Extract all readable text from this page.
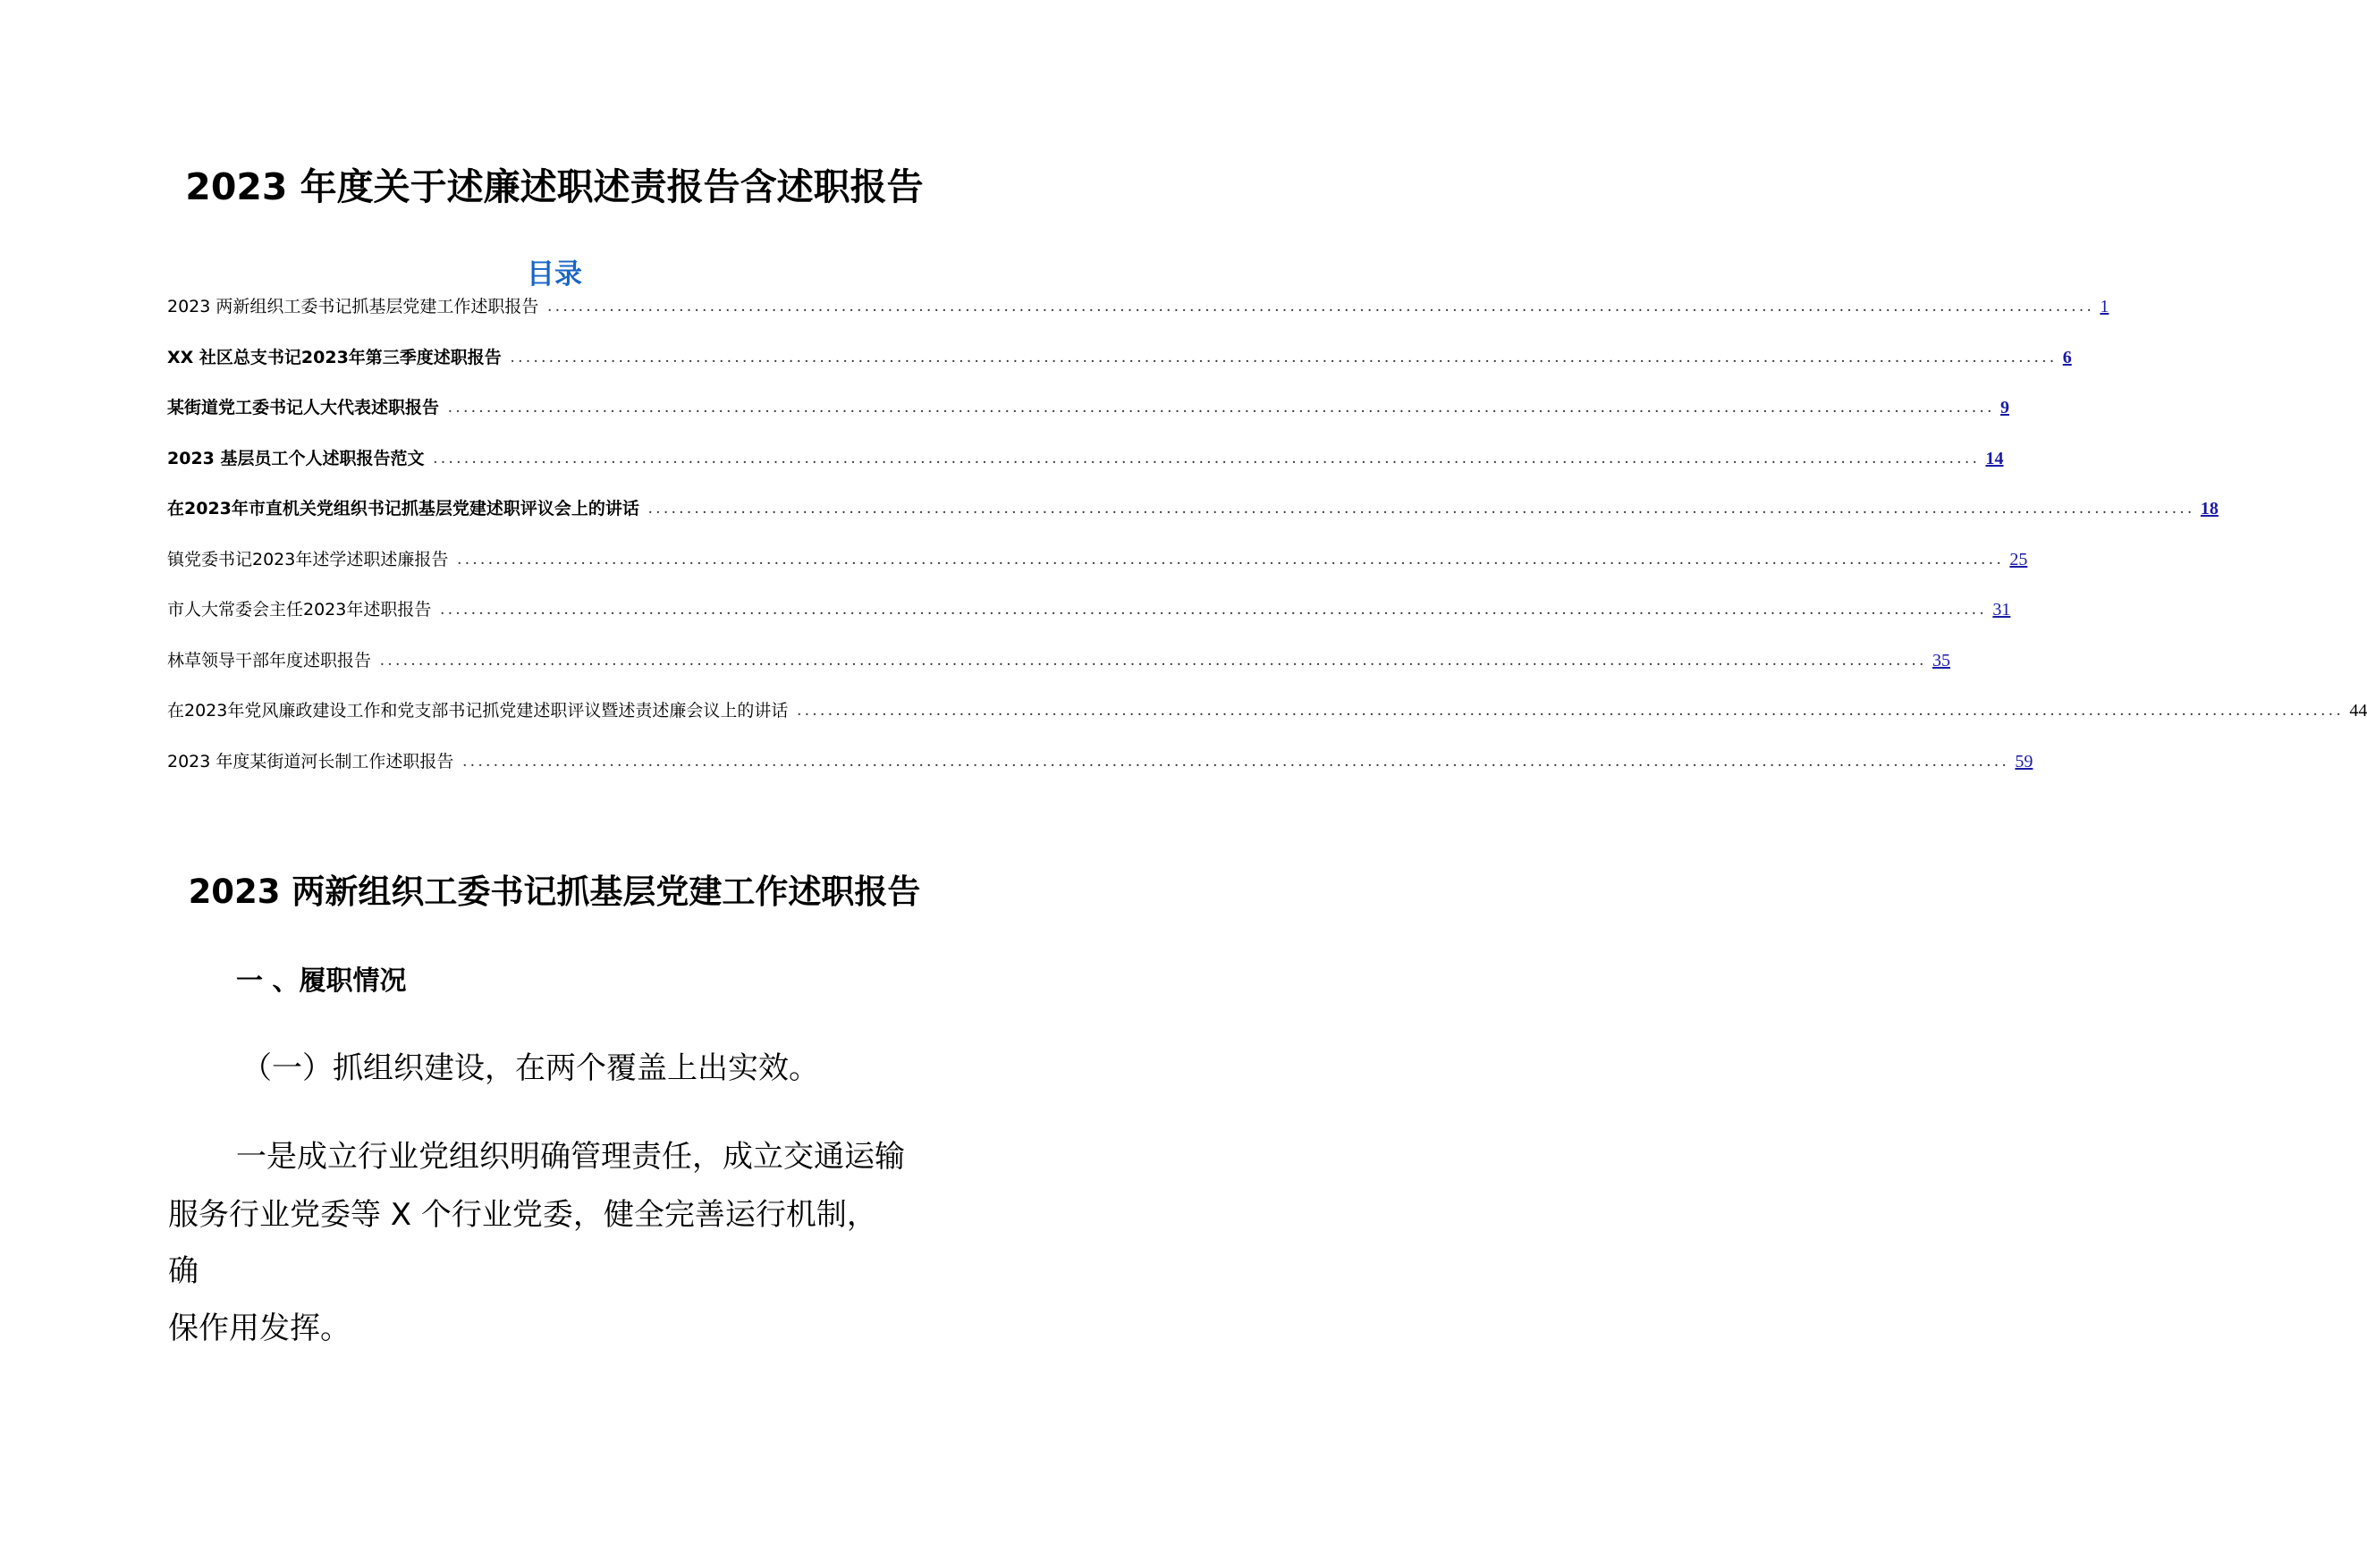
2023 年度关于述廉述职述责报告含述职报告
目录
2023 两新组织工委书记抓基层党建工作述职报告 ........................................................................................................................................................................................................ 1
XX 社区总支书记2023年第三季度述职报告 ........................................................................................................................................................................................................ 6
某街道党工委书记人大代表述职报告 ........................................................................................................................................................................................................ 9
2023 基层员工个人述职报告范文 ........................................................................................................................................................................................................ 14
在2023年市直机关党组织书记抓基层党建述职评议会上的讲话 ........................................................................................................................................................................................................ 18
镇党委书记2023年述学述职述廉报告 ........................................................................................................................................................................................................ 25
市人大常委会主任2023年述职报告 ........................................................................................................................................................................................................ 31
林草领导干部年度述职报告 ........................................................................................................................................................................................................ 35
在2023年党风廉政建设工作和党支部书记抓党建述职评议暨述责述廉会议上的讲话 ........................................................................................................................................................................................................ 44
2023 年度某街道河长制工作述职报告 ........................................................................................................................................................................................................ 59
2023 两新组织工委书记抓基层党建工作述职报告
一 、履职情况
（一）抓组织建设，在两个覆盖上出实效。
一是成立行业党组织明确管理责任，成立交通运输
服务行业党委等 X 个行业党委，健全完善运行机制，
确
保作用发挥。
